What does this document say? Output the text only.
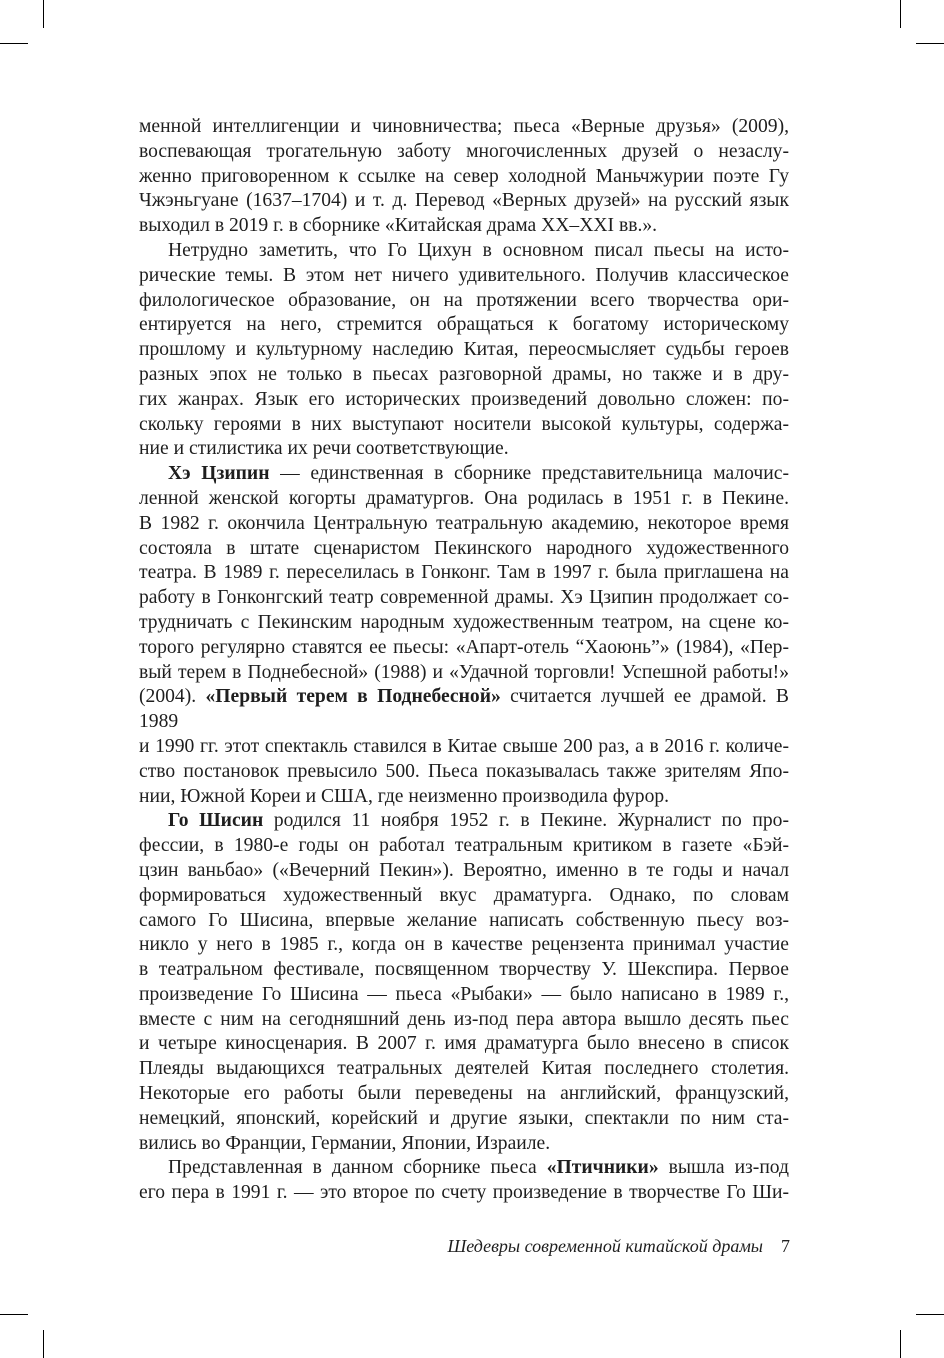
менной интеллигенции и чиновничества; пьеса «Верные друзья» (2009),

воспевающая трогательную заботу многочисленных друзей о незаслу-

женно приговоренном к ссылке на север холодной Маньчжурии поэте Гу

Чжэньгуане (1637–1704) и т. д. Перевод «Верных друзей» на русский язык

выходил в 2019 г. в сборнике «Китайская драма XX–XXI вв.».

Нетрудно заметить, что Го Цихун в основном писал пьесы на исто-

рические темы. В этом нет ничего удивительного. Получив классическое

филологическое образование, он на протяжении всего творчества ори-

ентируется на него, стремится обращаться к богатому историческому

прошлому и культурному наследию Китая, переосмысляет судьбы героев

разных эпох не только в пьесах разговорной драмы, но также и в дру-

гих жанрах. Язык его исторических произведений довольно сложен: по-

скольку героями в них выступают носители высокой культуры, содержа-

ние и стилистика их речи соответствующие.

Хэ Цзипин — единственная в сборнике представительница малочис-

ленной женской когорты драматургов. Она родилась в 1951 г. в Пекине.

В 1982 г. окончила Центральную театральную академию, некоторое время

состояла в штате сценаристом Пекинского народного художественного

театра. В 1989 г. переселилась в Гонконг. Там в 1997 г. была приглашена на

работу в Гонконгский театр современной драмы. Хэ Цзипин продолжает со-

трудничать с Пекинским народным художественным театром, на сцене ко-

торого регулярно ставятся ее пьесы: «Апарт-отель “Хаоюнь”» (1984), «Пер-

вый терем в Поднебесной» (1988) и «Удачной торговли! Успешной работы!»

(2004). «Первый терем в Поднебесной» считается лучшей ее драмой. В 1989

и 1990 гг. этот спектакль ставился в Китае свыше 200 раз, а в 2016 г. количе-

ство постановок превысило 500. Пьеса показывалась также зрителям Япо-

нии, Южной Кореи и США, где неизменно производила фурор.

Го Шисин родился 11 ноября 1952 г. в Пекине. Журналист по про-

фессии, в 1980-е годы он работал театральным критиком в газете «Бэй-

цзин ваньбао» («Вечерний Пекин»). Вероятно, именно в те годы и начал

формироваться художественный вкус драматурга. Однако, по словам

самого Го Шисина, впервые желание написать собственную пьесу воз-

никло у него в 1985 г., когда он в качестве рецензента принимал участие

в театральном фестивале, посвященном творчеству У. Шекспира. Первое

произведение Го Шисина — пьеса «Рыбаки» — было написано в 1989 г.,

вместе с ним на сегодняшний день из-под пера автора вышло десять пьес

и четыре киносценария. В 2007 г. имя драматурга было внесено в список

Плеяды выдающихся театральных деятелей Китая последнего столетия.

Некоторые его работы были переведены на английский, французский,

немецкий, японский, корейский и другие языки, спектакли по ним ста-

вились во Франции, Германии, Японии, Израиле.

Представленная в данном сборнике пьеса «Птичники» вышла из-под

его пера в 1991 г. — это второе по счету произведение в творчестве Го Ши-

Шедевры современной китайской драмы 7
